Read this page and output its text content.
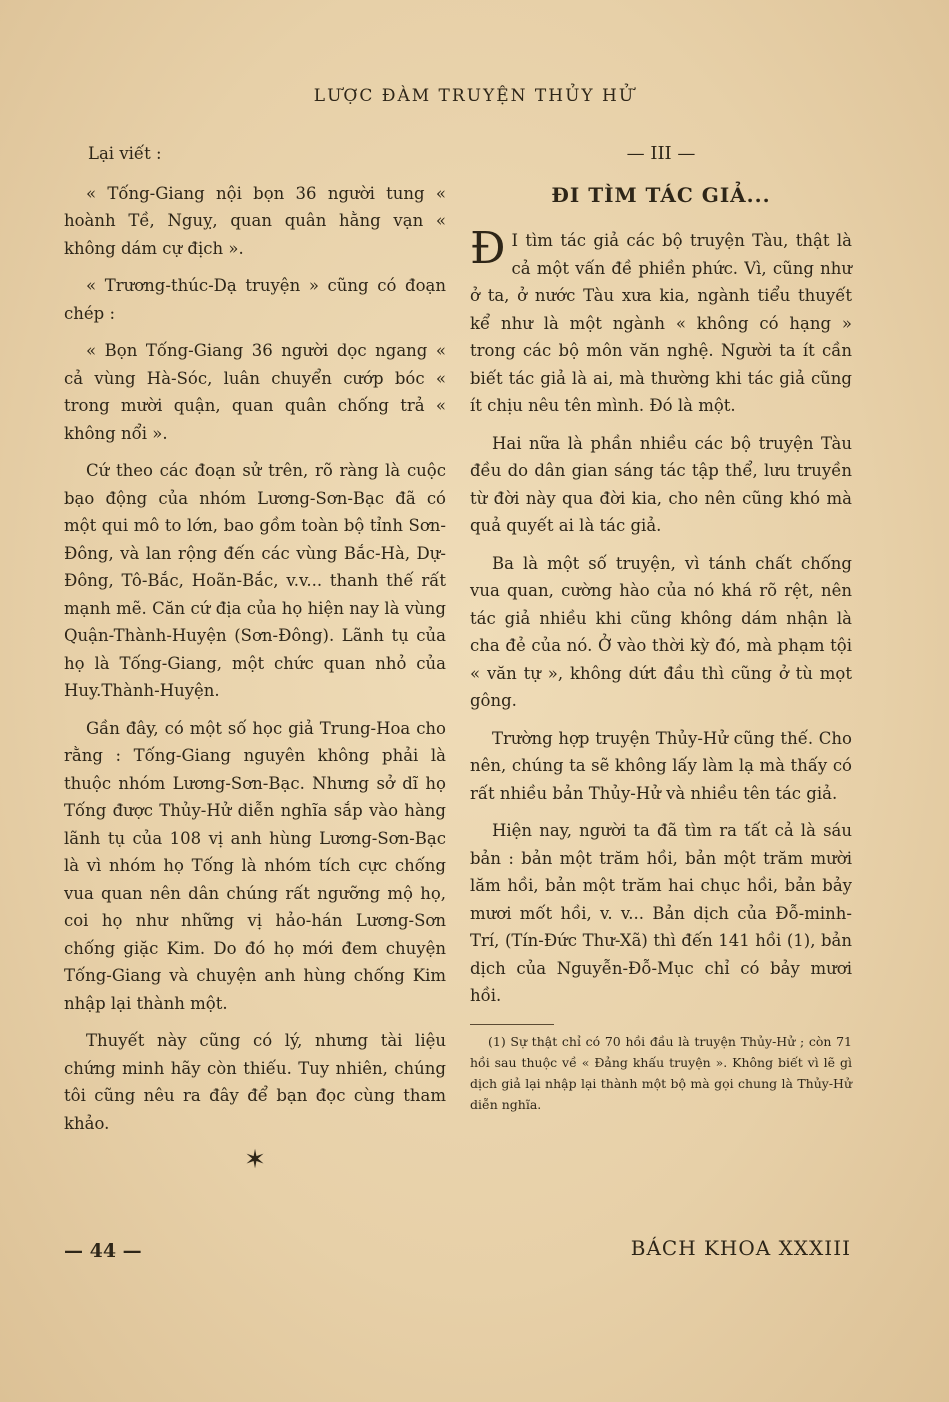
LƯỢC ĐÀM TRUYỆN THỦY HỬ
Lại viết :

« Tống-Giang nội bọn 36 người tung « hoành Tề, Nguỵ, quan quân hằng vạn « không dám cự địch ».

« Trương-thúc-Dạ truyện » cũng có đoạn chép :

« Bọn Tống-Giang 36 người dọc ngang « cả vùng Hà-Sóc, luân chuyển cướp bóc « trong mười quận, quan quân chống trả « không nổi ».

Cứ theo các đoạn sử trên, rõ ràng là cuộc bạo động của nhóm Lương-Sơn-Bạc đã có một qui mô to lớn, bao gồm toàn bộ tỉnh Sơn-Đông, và lan rộng đến các vùng Bắc-Hà, Dự-Đông, Tô-Bắc, Hoãn-Bắc, v.v... thanh thế rất mạnh mẽ. Căn cứ địa của họ hiện nay là vùng Quận-Thành-Huyện (Sơn-Đông). Lãnh tụ của họ là Tống-Giang, một chức quan nhỏ của Huy.Thành-Huyện.

Gần đây, có một số học giả Trung-Hoa cho rằng : Tống-Giang nguyên không phải là thuộc nhóm Lương-Sơn-Bạc. Nhưng sở dĩ họ Tống được Thủy-Hử diễn nghĩa sắp vào hàng lãnh tụ của 108 vị anh hùng Lương-Sơn-Bạc là vì nhóm họ Tống là nhóm tích cực chống vua quan nên dân chúng rất ngưỡng mộ họ, coi họ như những vị hảo-hán Lương-Sơn chống giặc Kim. Do đó họ mới đem chuyện Tống-Giang và chuyện anh hùng chống Kim nhập lại thành một.

Thuyết này cũng có lý, nhưng tài liệu chứng minh hãy còn thiếu. Tuy nhiên, chúng tôi cũng nêu ra đây để bạn đọc cùng tham khảo.

✶
— III —
ĐI TÌM TÁC GIẢ...

Đ I tìm tác giả các bộ truyện Tàu, thật là cả một vấn đề phiền phức. Vì, cũng như ở ta, ở nước Tàu xưa kia, ngành tiểu thuyết kể như là một ngành « không có hạng » trong các bộ môn văn nghệ. Người ta ít cần biết tác giả là ai, mà thường khi tác giả cũng ít chịu nêu tên mình. Đó là một.

Hai nữa là phần nhiều các bộ truyện Tàu đều do dân gian sáng tác tập thể, lưu truyền từ đời này qua đời kia, cho nên cũng khó mà quả quyết ai là tác giả.

Ba là một số truyện, vì tánh chất chống vua quan, cường hào của nó khá rõ rệt, nên tác giả nhiều khi cũng không dám nhận là cha đẻ của nó. Ở vào thời kỳ đó, mà phạm tội « văn tự », không dứt đầu thì cũng ở tù mọt gông.

Trường hợp truyện Thủy-Hử cũng thế. Cho nên, chúng ta sẽ không lấy làm lạ mà thấy có rất nhiều bản Thủy-Hử và nhiều tên tác giả.

Hiện nay, người ta đã tìm ra tất cả là sáu bản : bản một trăm hồi, bản một trăm mười lăm hồi, bản một trăm hai chục hồi, bản bảy mươi mốt hồi, v. v... Bản dịch của Đỗ-minh-Trí, (Tín-Đức Thư-Xã) thì đến 141 hồi (1), bản dịch của Nguyễn-Đỗ-Mục chỉ có bảy mươi hồi.

(1) Sự thật chỉ có 70 hồi đầu là truyện Thủy-Hử ; còn 71 hồi sau thuộc về « Đảng khấu truyện ». Không biết vì lẽ gì dịch giả lại nhập lại thành một bộ mà gọi chung là Thủy-Hử diễn nghĩa.
— 44 —	BÁCH KHOA XXXIII
